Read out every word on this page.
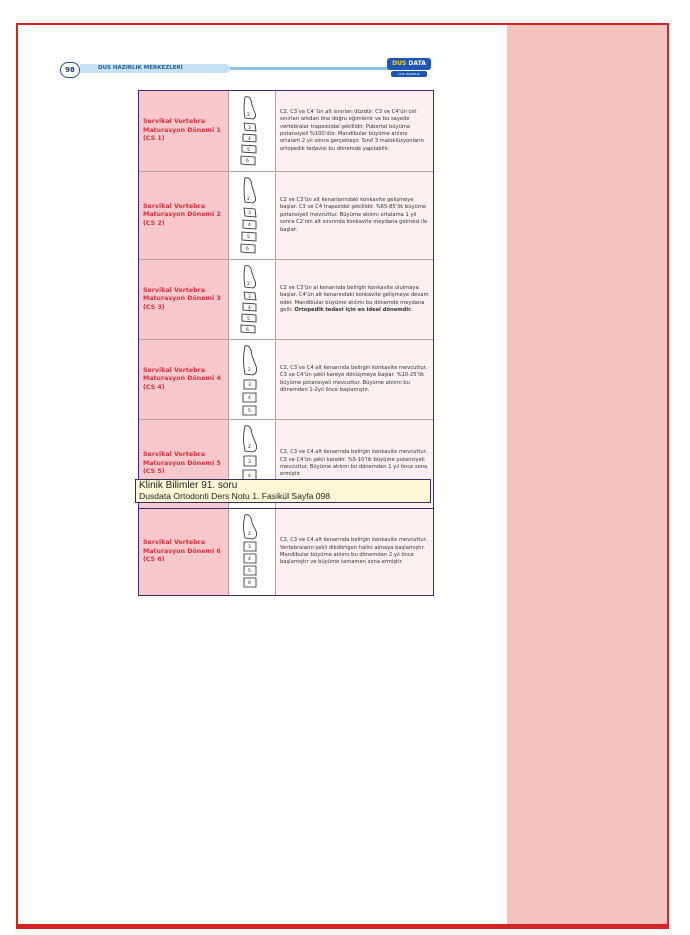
98	DUS HAZIRLIK MERKEZLERİ
DUS DATA
DUS HAZIRLIK MERKEZLERİ
Servikal Vertebra
Maturasyon Dönemi 1
(CS 1)
2
3
4
5
6
C2, C3 ve C4 ‘ün alt sınırları düzdür. C3 ve C4’ün üst sınırları arkdan öne doğru eğimlenir ve bu sayede vertebralar trapezoidal şekillidir. Pubertal büyüme potansiyeli %100’dür. Mandibular büyüme atılımı ortalam 2 yıl sonra gerçekleşir. Sınıf 3 maloklüzyonların ortopedik tedavisi bu dönemde yapılabilir.
Servikal Vertebra
Maturasyon Dönemi 2
(CS 2)
2
3
4
5
6
C2 ve C3’ün alt kenarlarındaki konkavite gelişmeye başlar. C3 ve C4 trapezidal şekillidir. %65-85’lik büyüme potansiyeli mevcuttur. Büyüme atılımı ortalama 1 yıl sonra C2’nin alt sınırında konkavite meydana gelmesi ile başlar.
Servikal Vertebra
Maturasyon Dönemi 3
(CS 3)
2
3
4
5
6
C2 ve C3’ün al kenarında belirgin konkavite olulmaya başlar. C4’ün alt kenarındaki konkavite gelişmeye devam eder. Mandibular büyüme atılımı bu dönemde meydana gelir. Ortopedik tedavi için en ideal dönemdir.
Servikal Vertebra
Maturasyon Dönemi 4
(CS 4)
2
3
4
5
C2, C3 ve C4 alt kenarında belirgin konkavite mevcuttur. C3 ve C4’ün şekli kareye dönüşmeye başlar. %10-25’lik büyüme potansiyeli mevcuttur. Büyüme atılımı bu dönemden 1-2yıl önce başlamıştır.
Servikal Vertebra
Maturasyon Dönemi 5
(CS 5)
2
3
4
C2, C3 ve C4 alt kenarında belirgin konkavite mevcuttur. C3 ve C4’ün şekli karedir. %5-10’lik büyüme potansiyeli mevcuttur. Büyüme atılımı bu dönemden 1 yıl önce sona ermiştir.
Servikal Vertebra
Maturasyon Dönemi 6
(CS 6)
2
3
4
5
6
C2, C3 ve C4 alt kenarında belirgin konkavite mevcuttur. Vertebraların şekli dikdörtgen halini almaya başlamıştır. Mandibular büyüme atılımı bu dönemden 2 yıl önce başlamıştır ve büyüme tamamen sona ermiştir.
Klinik Bilimler 91. soru
Dusdata Ortodonti Ders Notu 1. Fasikül Sayfa 098
